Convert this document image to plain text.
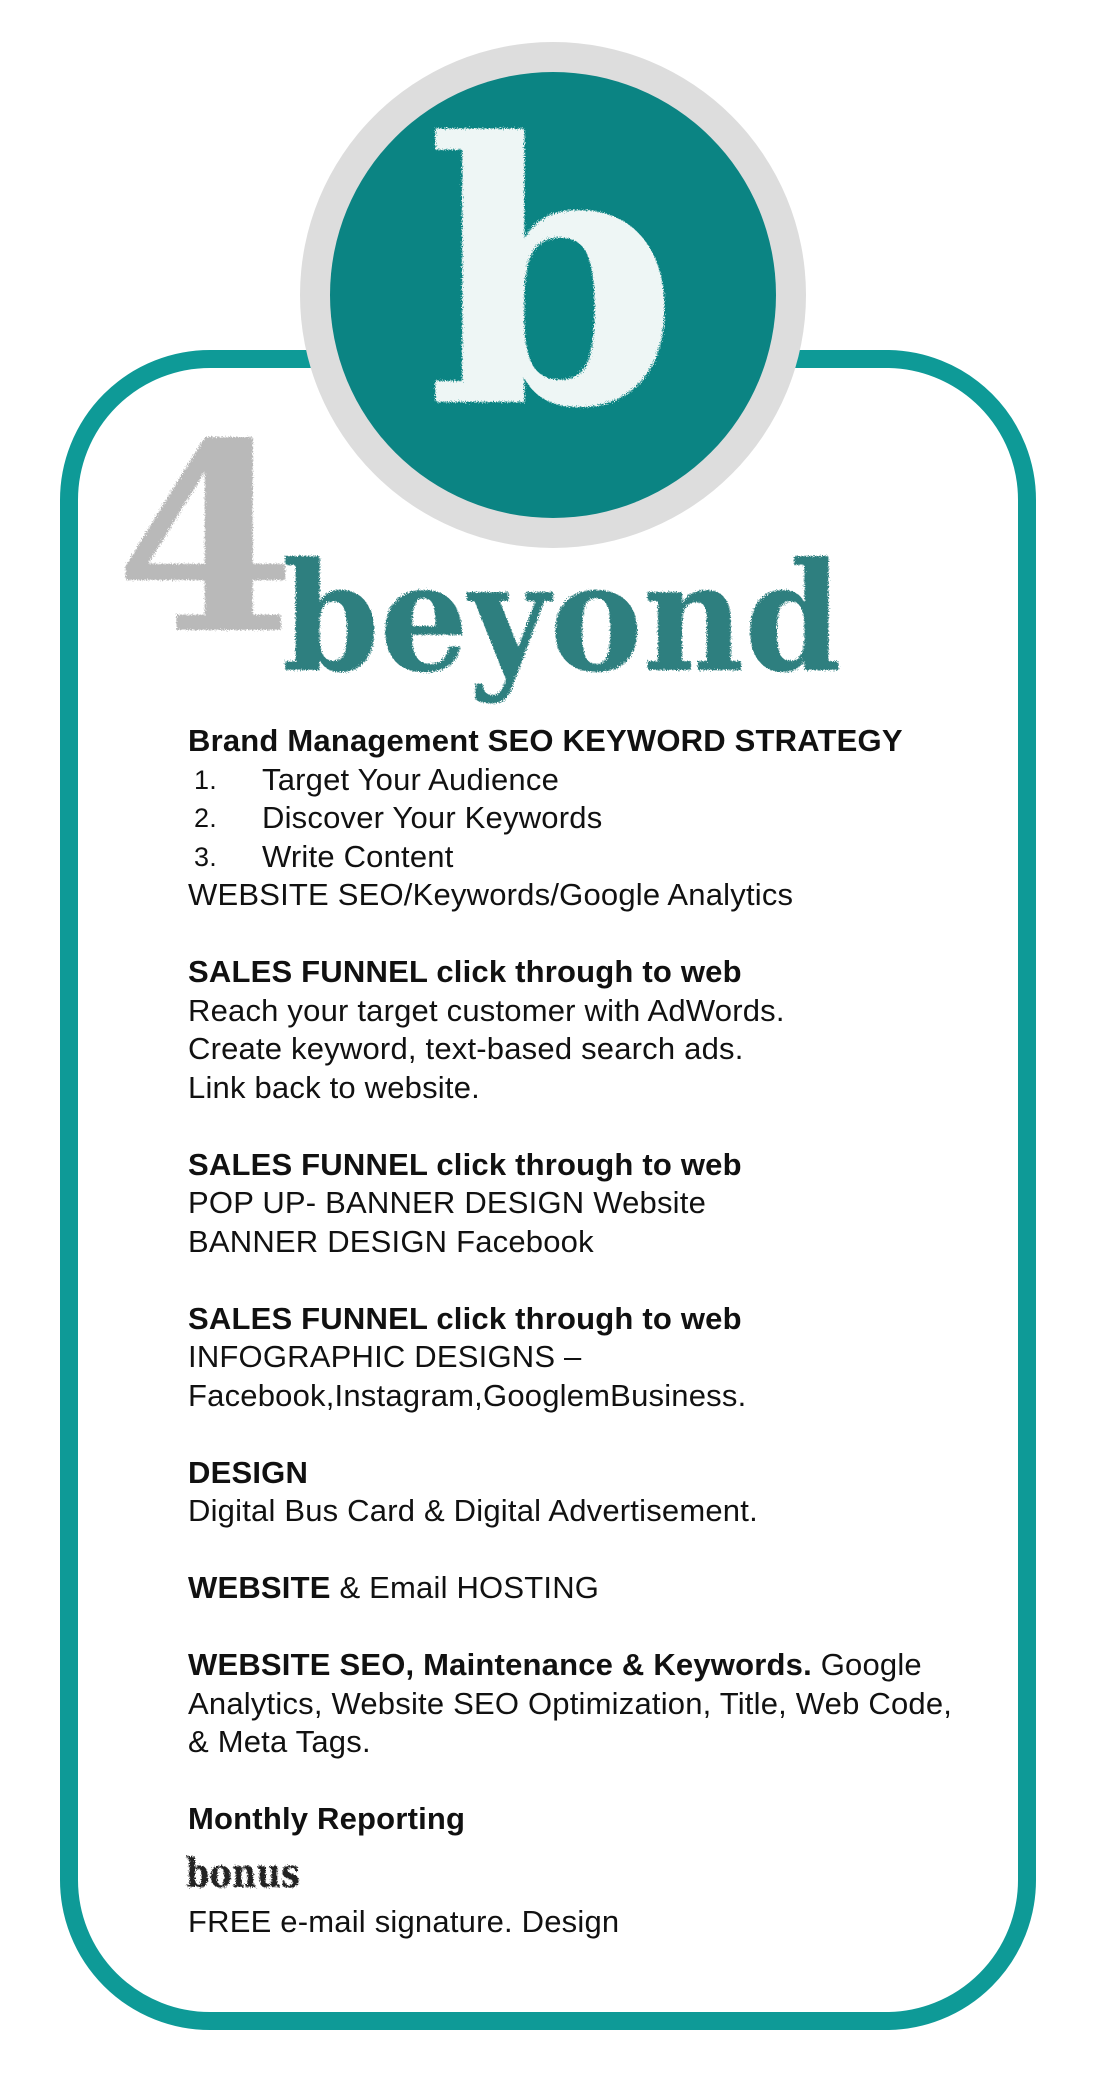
b
4
beyond

Brand Management SEO KEYWORD STRATEGY

1.	Target Your Audience
2.	Discover Your Keywords
3.	Write Content

WEBSITE SEO/Keywords/Google Analytics

SALES FUNNEL click through to web

Reach your target customer with AdWords.

Create keyword, text-based search ads.

Link back to website.

SALES FUNNEL click through to web

POP UP- BANNER DESIGN Website

BANNER DESIGN Facebook

SALES FUNNEL click through to web

INFOGRAPHIC DESIGNS –

Facebook,Instagram,GooglemBusiness.

DESIGN

Digital Bus Card & Digital Advertisement.

WEBSITE & Email HOSTING

WEBSITE SEO, Maintenance & Keywords. Google Analytics, Website SEO Optimization, Title, Web Code, & Meta Tags.

Monthly Reporting

bonus

FREE e-mail signature. Design
